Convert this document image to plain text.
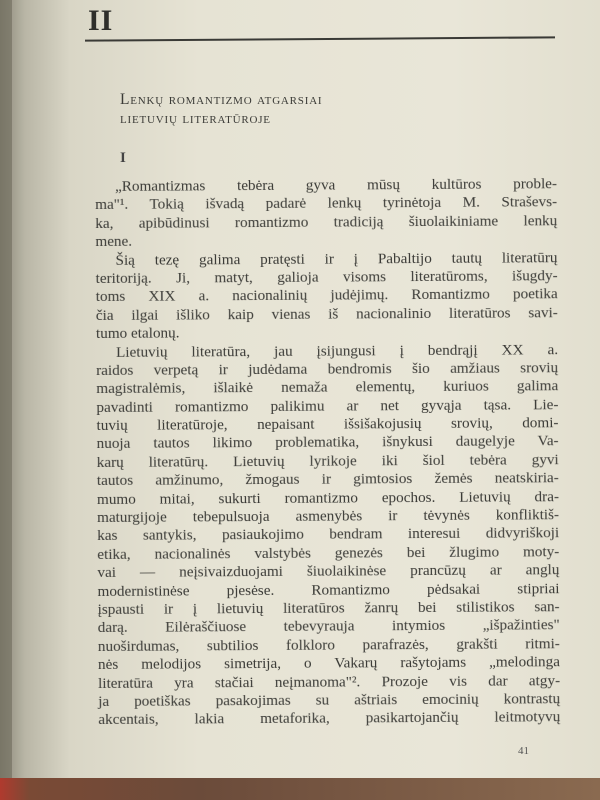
II
Lenkų romantizmo atgarsiai
lietuvių literatūroje
I
„Romantizmas tebėra gyva mūsų kultūros proble-
ma"¹. Tokią išvadą padarė lenkų tyrinėtoja M. Straševs-
ka, apibūdinusi romantizmo tradiciją šiuolaikiniame lenkų
mene.
Šią tezę galima pratęsti ir į Pabaltijo tautų literatūrų
teritoriją. Ji, matyt, galioja visoms literatūroms, išugdy-
toms XIX a. nacionalinių judėjimų. Romantizmo poetika
čia ilgai išliko kaip vienas iš nacionalinio literatūros savi-
tumo etalonų.
Lietuvių literatūra, jau įsijungusi į bendrąjį XX a.
raidos verpetą ir judėdama bendromis šio amžiaus srovių
magistralėmis, išlaikė nemaža elementų, kuriuos galima
pavadinti romantizmo palikimu ar net gyvąja tąsa. Lie-
tuvių literatūroje, nepaisant išsišakojusių srovių, domi-
nuoja tautos likimo problematika, išnykusi daugelyje Va-
karų literatūrų. Lietuvių lyrikoje iki šiol tebėra gyvi
tautos amžinumo, žmogaus ir gimtosios žemės neatskiria-
mumo mitai, sukurti romantizmo epochos. Lietuvių dra-
maturgijoje tebepulsuoja asmenybės ir tėvynės konfliktiš-
kas santykis, pasiaukojimo bendram interesui didvyriškoji
etika, nacionalinės valstybės genezės bei žlugimo moty-
vai — neįsivaizduojami šiuolaikinėse prancūzų ar anglų
modernistinėse pjesėse. Romantizmo pėdsakai stipriai
įspausti ir į lietuvių literatūros žanrų bei stilistikos san-
darą. Eilėraščiuose tebevyrauja intymios „išpažinties"
nuoširdumas, subtilios folkloro parafrazės, grakšti ritmi-
nės melodijos simetrija, o Vakarų rašytojams „melodinga
literatūra yra stačiai neįmanoma"². Prozoje vis dar atgy-
ja poetiškas pasakojimas su aštriais emocinių kontrastų
akcentais, lakia metaforika, pasikartojančių leitmotyvų
41
